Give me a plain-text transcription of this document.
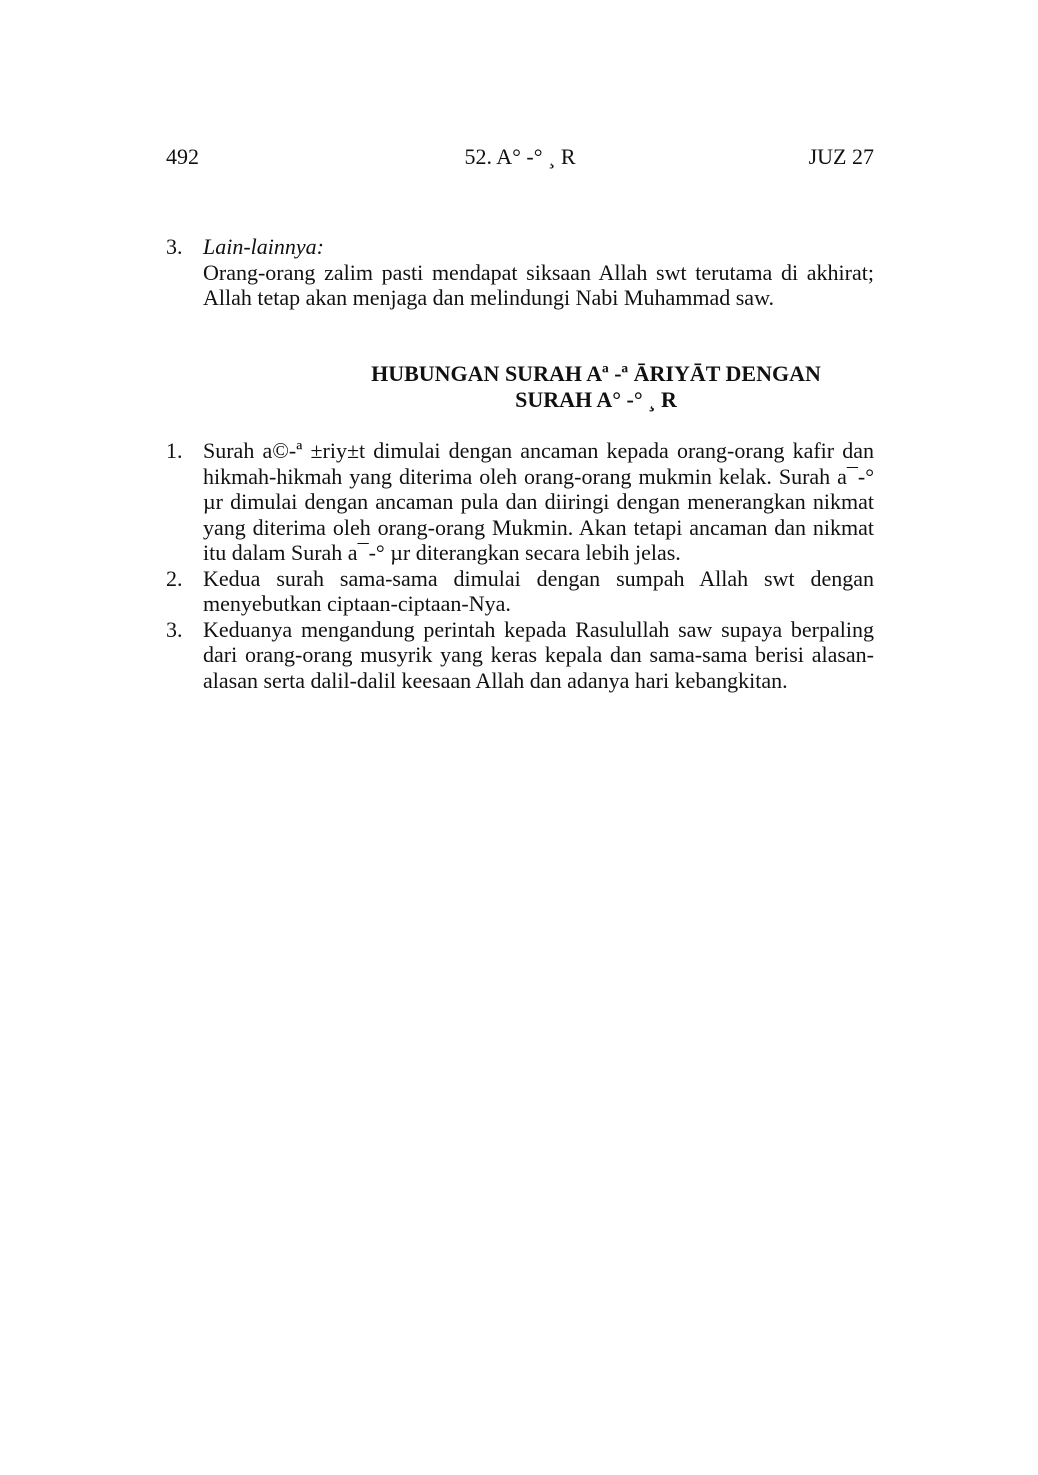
492	52. A° -° ¸ R	JUZ 27
3. Lain-lainnya:
Orang-orang zalim pasti mendapat siksaan Allah swt terutama di akhirat;
Allah tetap akan menjaga dan melindungi Nabi Muhammad saw.
HUBUNGAN SURAH Aª -ª ĀRIYĀT DENGAN
SURAH A° -° ¸ R
1. Surah a©-ª ±riy±t dimulai dengan ancaman kepada orang-orang kafir dan hikmah-hikmah yang diterima oleh orang-orang mukmin kelak. Surah a¯-° µr dimulai dengan ancaman pula dan diiringi dengan menerangkan nikmat yang diterima oleh orang-orang Mukmin. Akan tetapi ancaman dan nikmat itu dalam Surah a¯-° µr diterangkan secara lebih jelas.
2. Kedua surah sama-sama dimulai dengan sumpah Allah swt dengan menyebutkan ciptaan-ciptaan-Nya.
3. Keduanya mengandung perintah kepada Rasulullah saw supaya berpaling dari orang-orang musyrik yang keras kepala dan sama-sama berisi alasan-alasan serta dalil-dalil keesaan Allah dan adanya hari kebangkitan.
